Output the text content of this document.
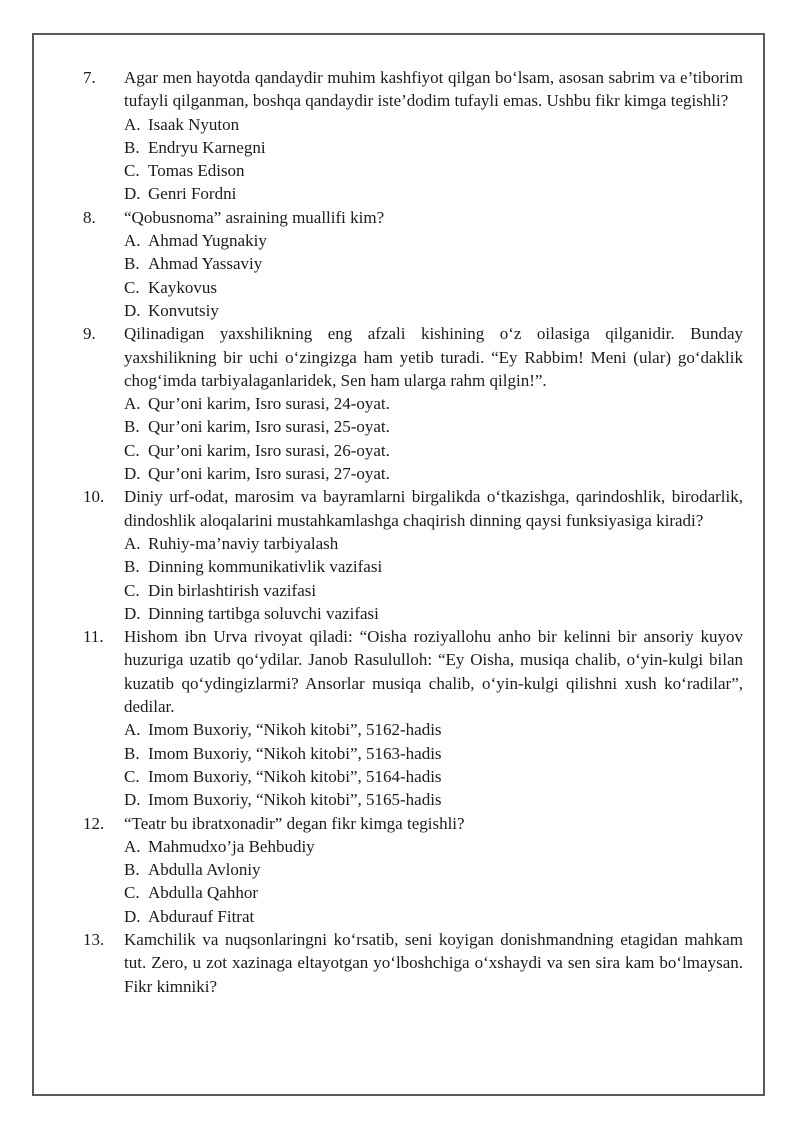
7.	Agar men hayotda qandaydir muhim kashfiyot qilgan bo‘lsam, asosan sabrim va e’tiborim tufayli qilganman, boshqa qandaydir iste’dodim tufayli emas. Ushbu fikr kimga tegishli?
A. Isaak Nyuton
B. Endryu Karnegni
C. Tomas Edison
D. Genri Fordni
8.	“Qobusnoma” asraining muallifi kim?
A. Ahmad Yugnakiy
B. Ahmad Yassaviy
C. Kaykovus
D. Konvutsiy
9.	Qilinadigan yaxshilikning eng afzali kishining o‘z oilasiga qilganidir. Bunday yaxshilikning bir uchi o‘zingizga ham yetib turadi. “Ey Rabbim! Meni (ular) go‘daklik chog‘imda tarbiyalaganlaridek, Sen ham ularga rahm qilgin!”.
A. Qur’oni karim, Isro surasi, 24-oyat.
B. Qur’oni karim, Isro surasi, 25-oyat.
C. Qur’oni karim, Isro surasi, 26-oyat.
D. Qur’oni karim, Isro surasi, 27-oyat.
10.	Diniy urf-odat, marosim va bayramlarni birgalikda o‘tkazishga, qarindoshlik, birodarlik, dindoshlik aloqalarini mustahkamlashga chaqirish dinning qaysi funksiyasiga kiradi?
A. Ruhiy-ma’naviy tarbiyalash
B. Dinning kommunikativlik vazifasi
C. Din birlashtirish vazifasi
D. Dinning tartibga soluvchi vazifasi
11.	Hishom ibn Urva rivoyat qiladi: “Oisha roziyallohu anho bir kelinni bir ansoriy kuyov huzuriga uzatib qo‘ydilar. Janob Rasululloh: “Ey Oisha, musiqa chalib, o‘yin-kulgi bilan kuzatib qo‘ydingizlarmi? Ansorlar musiqa chalib, o‘yin-kulgi qilishni xush ko‘radilar”, dedilar.
A. Imom Buxoriy, “Nikoh kitobi”, 5162-hadis
B. Imom Buxoriy, “Nikoh kitobi”, 5163-hadis
C. Imom Buxoriy, “Nikoh kitobi”, 5164-hadis
D. Imom Buxoriy, “Nikoh kitobi”, 5165-hadis
12.	“Teatr bu ibratxonadir” degan fikr kimga tegishli?
A. Mahmudxo’ja Behbudiy
B. Abdulla Avloniy
C. Abdulla Qahhor
D. Abdurauf Fitrat
13.	Kamchilik va nuqsonlaringni ko‘rsatib, seni koyigan donishmandning etagidan mahkam tut. Zero, u zot xazinaga eltayotgan yo‘lboshchiga o‘xshaydi va sen sira kam bo‘lmaysan. Fikr kimniki?
